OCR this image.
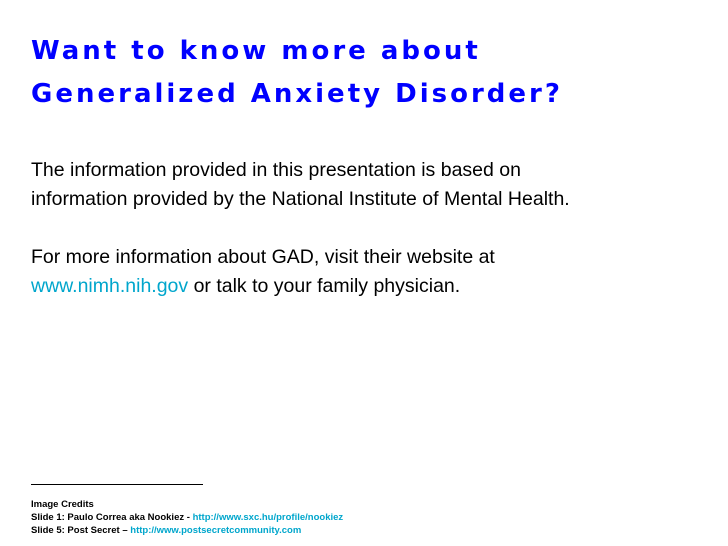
Want to know more about
Generalized Anxiety Disorder?

The information provided in this presentation is based on
information provided by the National Institute of Mental Health.

For more information about GAD, visit their website at
www.nimh.nih.gov or talk to your family physician.

Image Credits
Slide 1: Paulo Correa aka Nookiez - http://www.sxc.hu/profile/nookiez
Slide 5: Post Secret – http://www.postsecretcommunity.com
